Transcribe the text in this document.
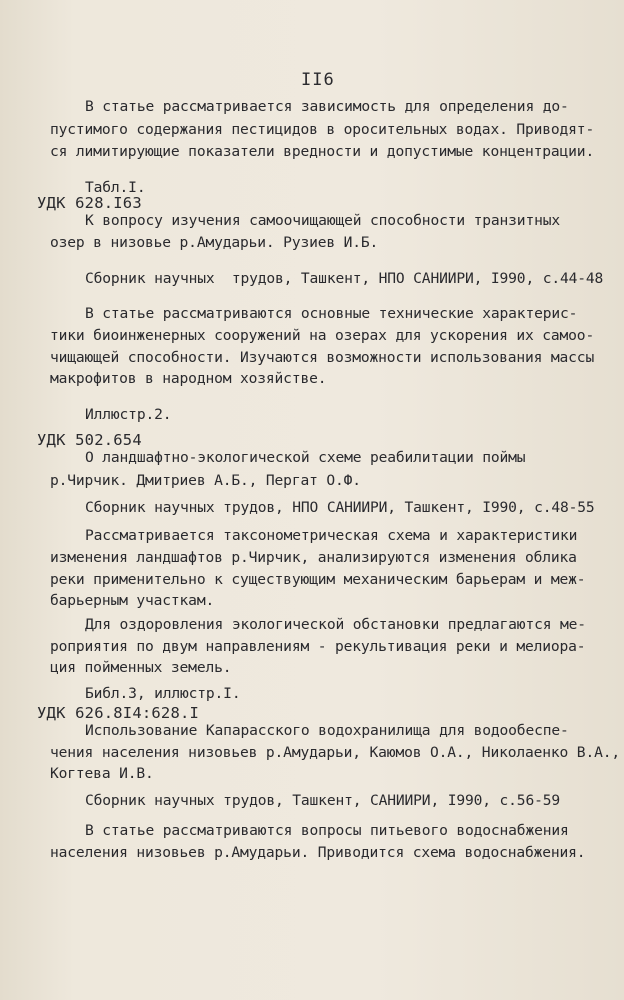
II6
В статье рассматривается зависимость для определения до-
пустимого содержания пестицидов в оросительных водах. Приводят-
ся лимитирующие показатели вредности и допустимые концентрации.
Табл.I.
УДК 628.I63
К вопросу изучения самоочищающей способности транзитных
озер в низовье р.Амударьи. Рузиев И.Б.
Сборник научных  трудов, Ташкент, НПО САНИИРИ, I990, с.44-48
В статье рассматриваются основные технические характерис-
тики биоинженерных сооружений на озерах для ускорения их самоо-
чищающей способности. Изучаются возможности использования массы
макрофитов в народном хозяйстве.
Иллюстр.2.
УДК 502.654
О ландшафтно-экологической схеме реабилитации поймы
р.Чирчик. Дмитриев А.Б., Пергат О.Ф.
Сборник научных трудов, НПО САНИИРИ, Ташкент, I990, с.48-55
Рассматривается таксонометрическая схема и характеристики
изменения ландшафтов р.Чирчик, анализируются изменения облика
реки применительно к существующим механическим барьерам и меж-
барьерным участкам.
Для оздоровления экологической обстановки предлагаются ме-
роприятия по двум направлениям - рекультивация реки и мелиора-
ция пойменных земель.
Библ.3, иллюстр.I.
УДК 626.8I4:628.I
Использование Капарасского водохранилища для водообеспе-
чения населения низовьев р.Амударьи, Каюмов О.А., Николаенко В.А.,
Когтева И.В.
Сборник научных трудов, Ташкент, САНИИРИ, I990, с.56-59
В статье рассматриваются вопросы питьевого водоснабжения
населения низовьев р.Амударьи. Приводится схема водоснабжения.
